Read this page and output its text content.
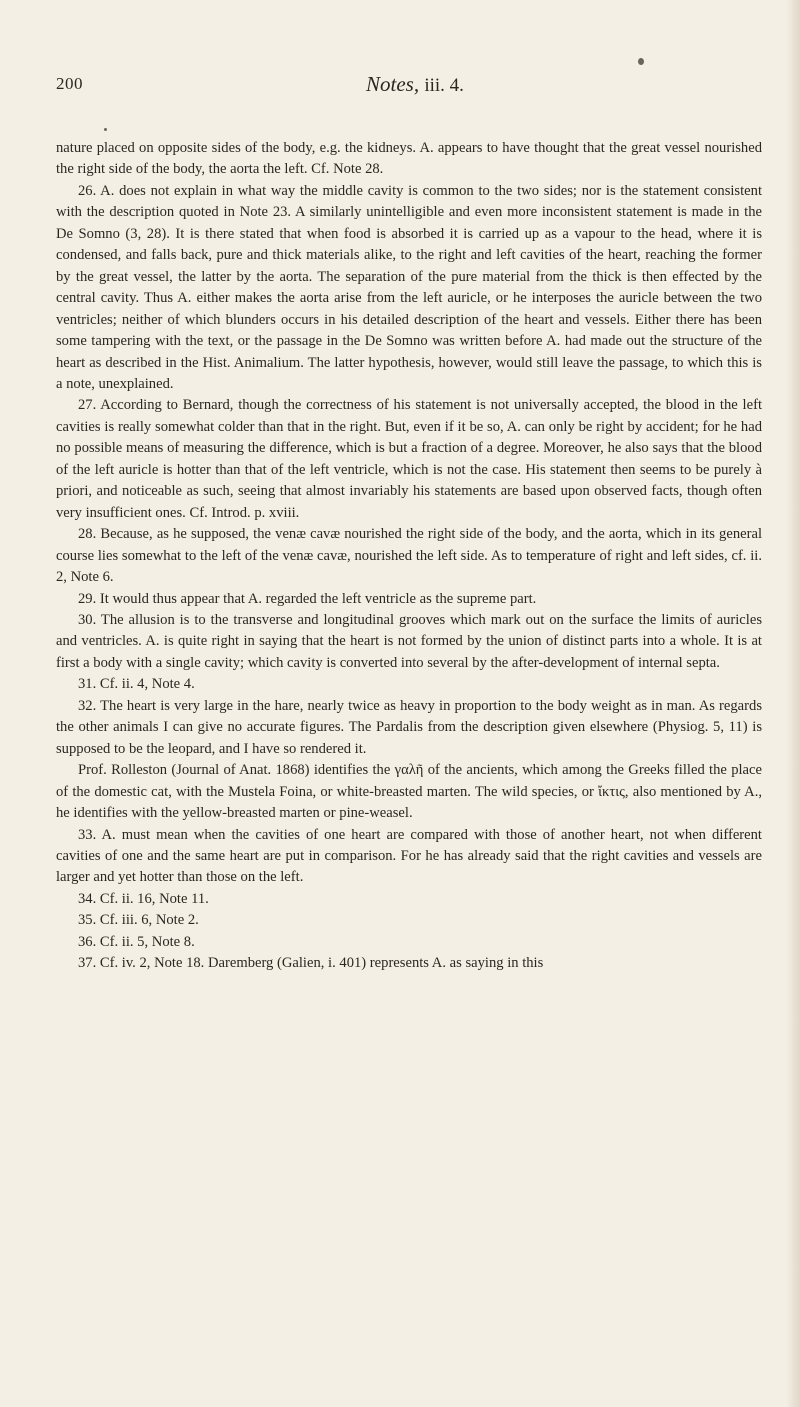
200	Notes, iii. 4.

nature placed on opposite sides of the body, e.g. the kidneys. A. appears to have thought that the great vessel nourished the right side of the body, the aorta the left. Cf. Note 28.

26. A. does not explain in what way the middle cavity is common to the two sides; nor is the statement consistent with the description quoted in Note 23. A similarly unintelligible and even more inconsistent statement is made in the De Somno (3, 28). It is there stated that when food is absorbed it is carried up as a vapour to the head, where it is condensed, and falls back, pure and thick materials alike, to the right and left cavities of the heart, reaching the former by the great vessel, the latter by the aorta. The separation of the pure material from the thick is then effected by the central cavity. Thus A. either makes the aorta arise from the left auricle, or he interposes the auricle between the two ventricles; neither of which blunders occurs in his detailed description of the heart and vessels. Either there has been some tampering with the text, or the passage in the De Somno was written before A. had made out the structure of the heart as described in the Hist. Animalium. The latter hypothesis, however, would still leave the passage, to which this is a note, unexplained.

27. According to Bernard, though the correctness of his statement is not universally accepted, the blood in the left cavities is really somewhat colder than that in the right. But, even if it be so, A. can only be right by accident; for he had no possible means of measuring the difference, which is but a fraction of a degree. Moreover, he also says that the blood of the left auricle is hotter than that of the left ventricle, which is not the case. His statement then seems to be purely à priori, and noticeable as such, seeing that almost invariably his statements are based upon observed facts, though often very insufficient ones. Cf. Introd. p. xviii.

28. Because, as he supposed, the venæ cavæ nourished the right side of the body, and the aorta, which in its general course lies somewhat to the left of the venæ cavæ, nourished the left side. As to temperature of right and left sides, cf. ii. 2, Note 6.

29. It would thus appear that A. regarded the left ventricle as the supreme part.

30. The allusion is to the transverse and longitudinal grooves which mark out on the surface the limits of auricles and ventricles. A. is quite right in saying that the heart is not formed by the union of distinct parts into a whole. It is at first a body with a single cavity; which cavity is converted into several by the after-development of internal septa.

31. Cf. ii. 4, Note 4.

32. The heart is very large in the hare, nearly twice as heavy in proportion to the body weight as in man. As regards the other animals I can give no accurate figures. The Pardalis from the description given elsewhere (Physiog. 5, 11) is supposed to be the leopard, and I have so rendered it.

Prof. Rolleston (Journal of Anat. 1868) identifies the γαλῆ of the ancients, which among the Greeks filled the place of the domestic cat, with the Mustela Foina, or white-breasted marten. The wild species, or ἴκτις, also mentioned by A., he identifies with the yellow-breasted marten or pine-weasel.

33. A. must mean when the cavities of one heart are compared with those of another heart, not when different cavities of one and the same heart are put in comparison. For he has already said that the right cavities and vessels are larger and yet hotter than those on the left.

34. Cf. ii. 16, Note 11.

35. Cf. iii. 6, Note 2.

36. Cf. ii. 5, Note 8.

37. Cf. iv. 2, Note 18. Daremberg (Galien, i. 401) represents A. as saying in this
